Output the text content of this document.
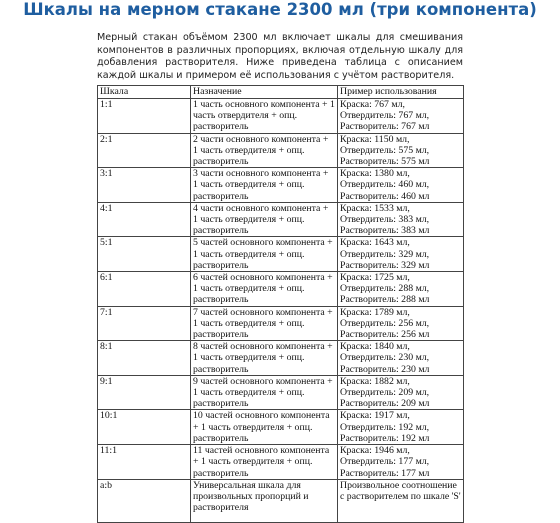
Шкалы на мерном стакане 2300 мл (три компонента)

Мерный стакан объёмом 2300 мл включает шкалы для смешивания компонентов в различных пропорциях, включая отдельную шкалу для добавления растворителя. Ниже приведена таблица с описанием каждой шкалы и примером её использования с учётом растворителя.

Шкала	Назначение	Пример использования
1:1	1 часть основного компонента + 1 часть отвердителя + опц. растворитель	Краска: 767 мл, Отвердитель: 767 мл, Растворитель: 767 мл
2:1	2 части основного компонента + 1 часть отвердителя + опц. растворитель	Краска: 1150 мл, Отвердитель: 575 мл, Растворитель: 575 мл
3:1	3 части основного компонента + 1 часть отвердителя + опц. растворитель	Краска: 1380 мл, Отвердитель: 460 мл, Растворитель: 460 мл
4:1	4 части основного компонента + 1 часть отвердителя + опц. растворитель	Краска: 1533 мл, Отвердитель: 383 мл, Растворитель: 383 мл
5:1	5 частей основного компонента + 1 часть отвердителя + опц. растворитель	Краска: 1643 мл, Отвердитель: 329 мл, Растворитель: 329 мл
6:1	6 частей основного компонента + 1 часть отвердителя + опц. растворитель	Краска: 1725 мл, Отвердитель: 288 мл, Растворитель: 288 мл
7:1	7 частей основного компонента + 1 часть отвердителя + опц. растворитель	Краска: 1789 мл, Отвердитель: 256 мл, Растворитель: 256 мл
8:1	8 частей основного компонента + 1 часть отвердителя + опц. растворитель	Краска: 1840 мл, Отвердитель: 230 мл, Растворитель: 230 мл
9:1	9 частей основного компонента + 1 часть отвердителя + опц. растворитель	Краска: 1882 мл, Отвердитель: 209 мл, Растворитель: 209 мл
10:1	10 частей основного компонента + 1 часть отвердителя + опц. растворитель	Краска: 1917 мл, Отвердитель: 192 мл, Растворитель: 192 мл
11:1	11 частей основного компонента + 1 часть отвердителя + опц. растворитель	Краска: 1946 мл, Отвердитель: 177 мл, Растворитель: 177 мл
a:b	Универсальная шкала для произвольных пропорций и растворителя	Произвольное соотношение с растворителем по шкале 'S'
